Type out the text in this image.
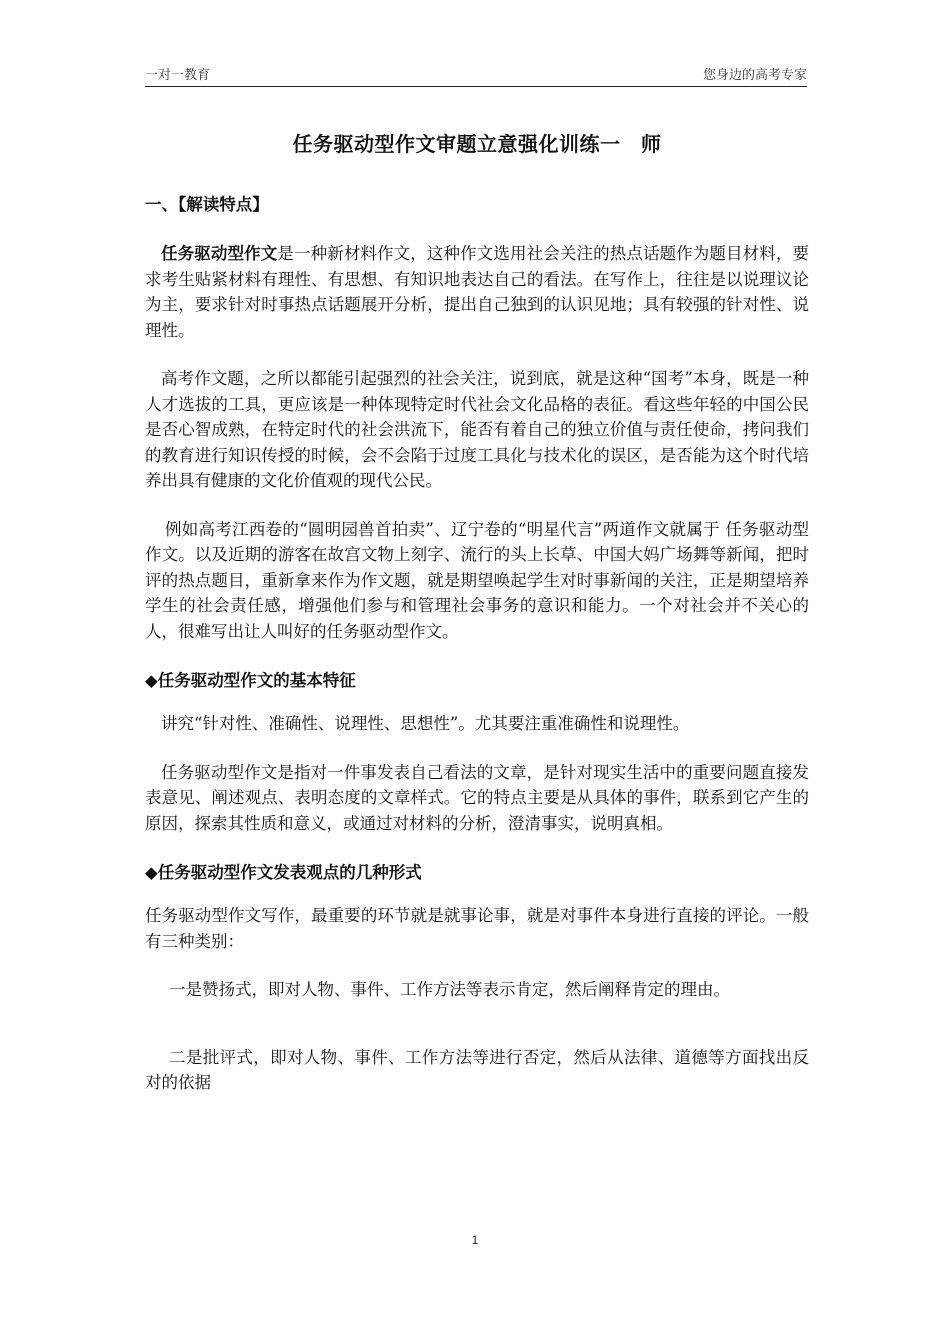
一对一教育	您身边的高考专家
任务驱动型作文审题立意强化训练一　师
一、【解读特点】

任务驱动型作文是一种新材料作文，这种作文选用社会关注的热点话题作为题目材料，要求考生贴紧材料有理性、有思想、有知识地表达自己的看法。在写作上，往往是以说理议论为主，要求针对时事热点话题展开分析，提出自己独到的认识见地；具有较强的针对性、说理性。

高考作文题，之所以都能引起强烈的社会关注，说到底，就是这种“国考”本身，既是一种人才选拔的工具，更应该是一种体现特定时代社会文化品格的表征。看这些年轻的中国公民是否心智成熟，在特定时代的社会洪流下，能否有着自己的独立价值与责任使命，拷问我们的教育进行知识传授的时候，会不会陷于过度工具化与技术化的误区，是否能为这个时代培养出具有健康的文化价值观的现代公民。

例如高考江西卷的“圆明园兽首拍卖”、辽宁卷的“明星代言”两道作文就属于 任务驱动型作文。以及近期的游客在故宫文物上刻字、流行的头上长草、中国大妈广场舞等新闻，把时评的热点题目，重新拿来作为作文题，就是期望唤起学生对时事新闻的关注，正是期望培养学生的社会责任感，增强他们参与和管理社会事务的意识和能力。一个对社会并不关心的人，很难写出让人叫好的任务驱动型作文。

◆任务驱动型作文的基本特征

讲究“针对性、准确性、说理性、思想性”。尤其要注重准确性和说理性。

任务驱动型作文是指对一件事发表自己看法的文章，是针对现实生活中的重要问题直接发表意见、阐述观点、表明态度的文章样式。它的特点主要是从具体的事件，联系到它产生的原因，探索其性质和意义，或通过对材料的分析，澄清事实，说明真相。

◆任务驱动型作文发表观点的几种形式

任务驱动型作文写作，最重要的环节就是就事论事，就是对事件本身进行直接的评论。一般有三种类别：

一是赞扬式，即对人物、事件、工作方法等表示肯定，然后阐释肯定的理由。

二是批评式，即对人物、事件、工作方法等进行否定，然后从法律、道德等方面找出反对的依据

1
